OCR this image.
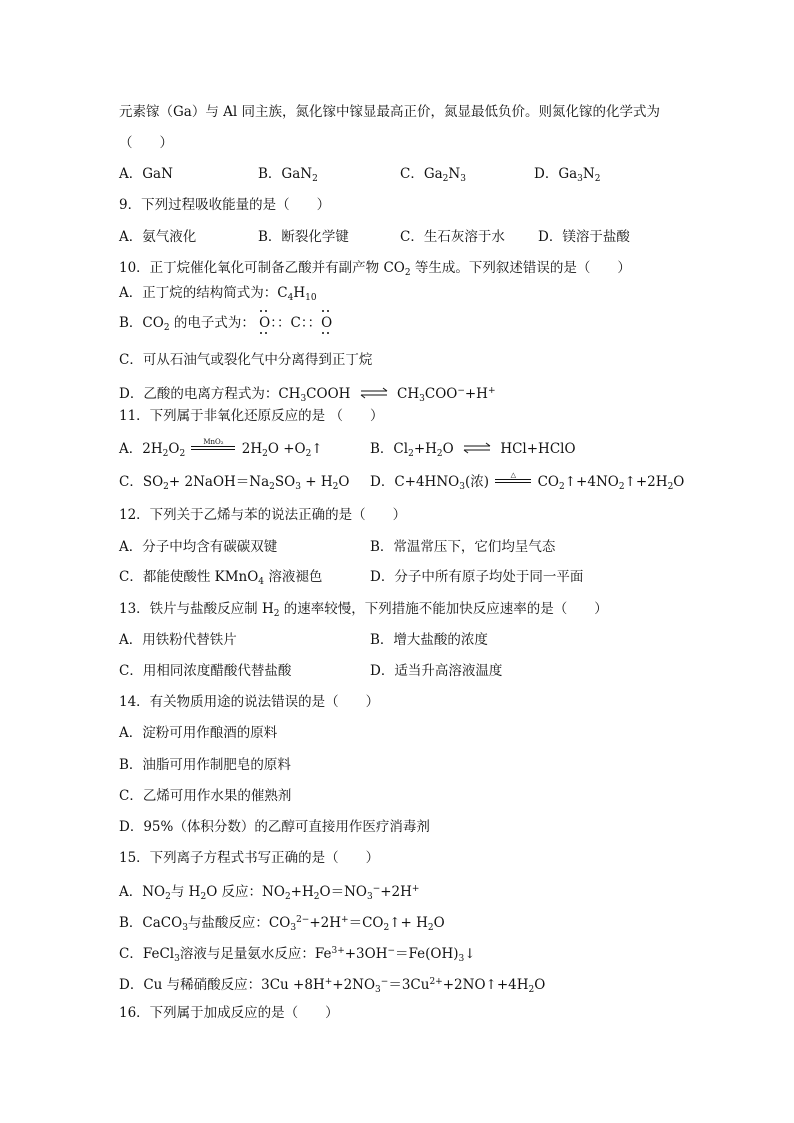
元素镓（Ga）与 Al 同主族，氮化镓中镓显最高正价，氮显最低负价。则氮化镓的化学式为
（　　）
A．GaN	B．GaN$_2$	C．$Ga_2N_3$	D．$Ga_3N_2$
9．下列过程吸收能量的是（　　）
A．氨气液化	B．断裂化学键	C．生石灰溶于水 D．镁溶于盐酸
10．正丁烷催化氧化可制备乙酸并有副产物 $CO_2$ 等生成。下列叙述错误的是（　　）
A．正丁烷的结构简式为：$C_4H_{10}$
B．$CO_2$ 的电子式为： O：：C：：O
C．可从石油气或裂化气中分离得到正丁烷
D．乙酸的电离方程式为：$CH_3COOH$ ⇌ $CH_3COO^-+H^+$
11．下列属于非氧化还原反应的是 （　　）
A．$2H_2O_2$
MnO₂	$2H_2O$ $+O_2↑$	B．$Cl_2+H_2O$ ⇌ HCl+HClO
C．$SO_2+$ $2NaOH=Na_2SO_3 + H_2O$ D．$C+4HNO_3$(浓)	△	$CO_2↑+4NO_2↑+2H_2O$
12．下列关于乙烯与苯的说法正确的是（　　）
A．分子中均含有碳碳双键	B．常温常压下，它们均呈气态
C．都能使酸性 KMnO$_4$ 溶液褪色	D．分子中所有原子均处于同一平面
13．铁片与盐酸反应制 $H_2$ 的速率较慢，下列措施不能加快反应速率的是（　　）
A．用铁粉代替铁片	B．增大盐酸的浓度
C．用相同浓度醋酸代替盐酸	D．适当升高溶液温度
14．有关物质用途的说法错误的是（　　）
A．淀粉可用作酿酒的原料
B．油脂可用作制肥皂的原料
C．乙烯可用作水果的催熟剂
D．95%（体积分数）的乙醇可直接用作医疗消毒剂
15．下列离子方程式书写正确的是（　　）
A．$NO_2$与 $H_2O$ 反应：$NO_2+H_2O=NO_3^-+2H^+$
B．CaCO$_3$与盐酸反应：$CO_3^{2-}+2H^+=CO_2↑+ H_2O$
C．FeCl$_3$溶液与足量氨水反应：$Fe^{3+}+3OH^-=Fe(OH)_3↓$
D．Cu 与稀硝酸反应：$3Cu +8H^++2NO_3^-=3Cu^{2+}+2NO↑+4H_2O$
16．下列属于加成反应的是（　　）
